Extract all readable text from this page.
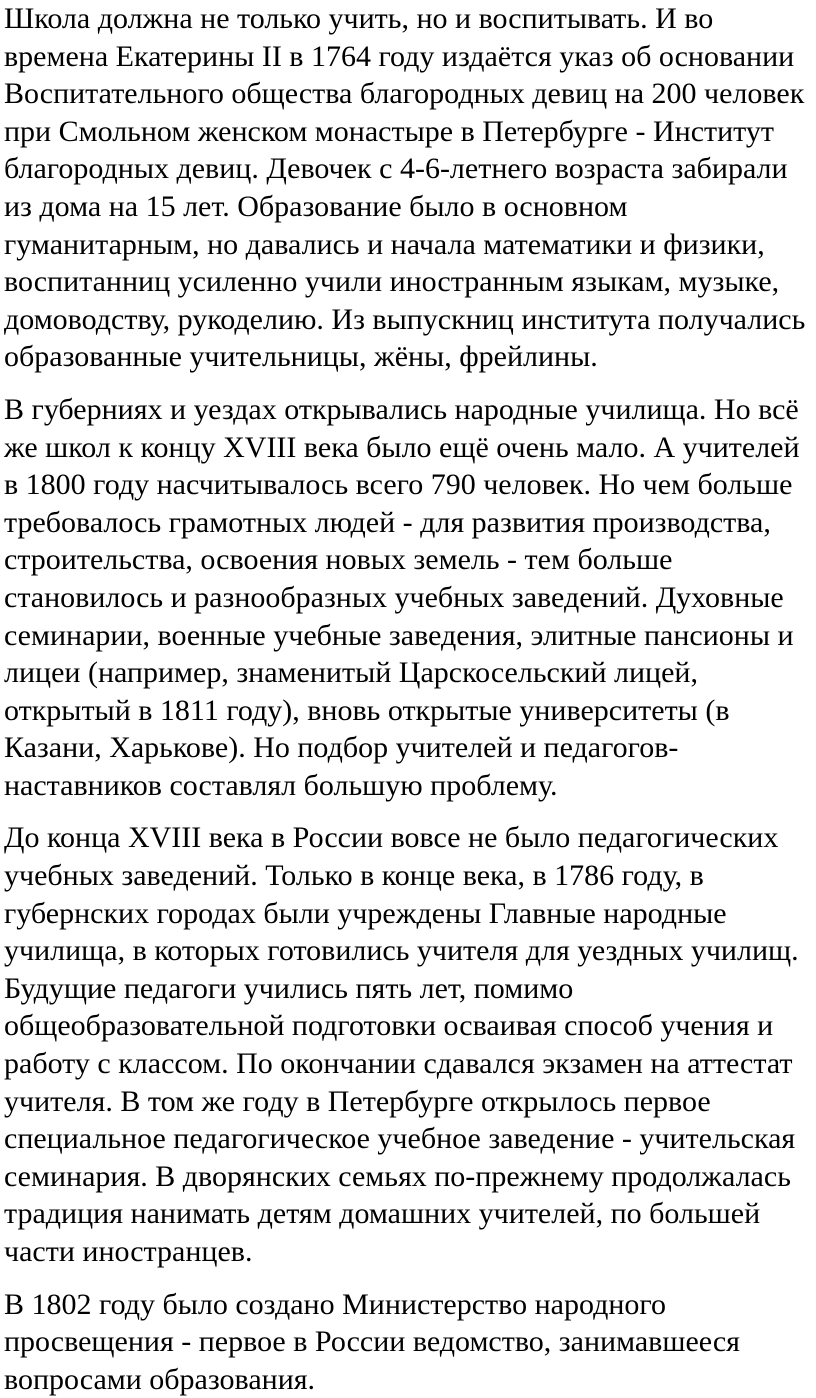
Школа должна не только учить, но и воспитывать. И во времена Екатерины II в 1764 году издаётся указ об основании Воспитательного общества благородных девиц на 200 человек при Смольном женском монастыре в Петербурге - Институт благородных девиц. Девочек с 4-6-летнего возраста забирали из дома на 15 лет. Образование было в основном гуманитарным, но давались и начала математики и физики, воспитанниц усиленно учили иностранным языкам, музыке, домоводству, рукоделию. Из выпускниц института получались образованные учительницы, жёны, фрейлины.

В губерниях и уездах открывались народные училища. Но всё же школ к концу XVIII века было ещё очень мало. А учителей в 1800 году насчитывалось всего 790 человек. Но чем больше требовалось грамотных людей - для развития производства, строительства, освоения новых земель - тем больше становилось и разнообразных учебных заведений. Духовные семинарии, военные учебные заведения, элитные пансионы и лицеи (например, знаменитый Царскосельский лицей, открытый в 1811 году), вновь открытые университеты (в Казани, Харькове). Но подбор учителей и педагогов-наставников составлял большую проблему.

До конца XVIII века в России вовсе не было педагогических учебных заведений. Только в конце века, в 1786 году, в губернских городах были учреждены Главные народные училища, в которых готовились учителя для уездных училищ. Будущие педагоги учились пять лет, помимо общеобразовательной подготовки осваивая способ учения и работу с классом. По окончании сдавался экзамен на аттестат учителя. В том же году в Петербурге открылось первое специальное педагогическое учебное заведение - учительская семинария. В дворянских семьях по-прежнему продолжалась традиция нанимать детям домашних учителей, по большей части иностранцев.

В 1802 году было создано Министерство народного просвещения - первое в России ведомство, занимавшееся вопросами образования.
